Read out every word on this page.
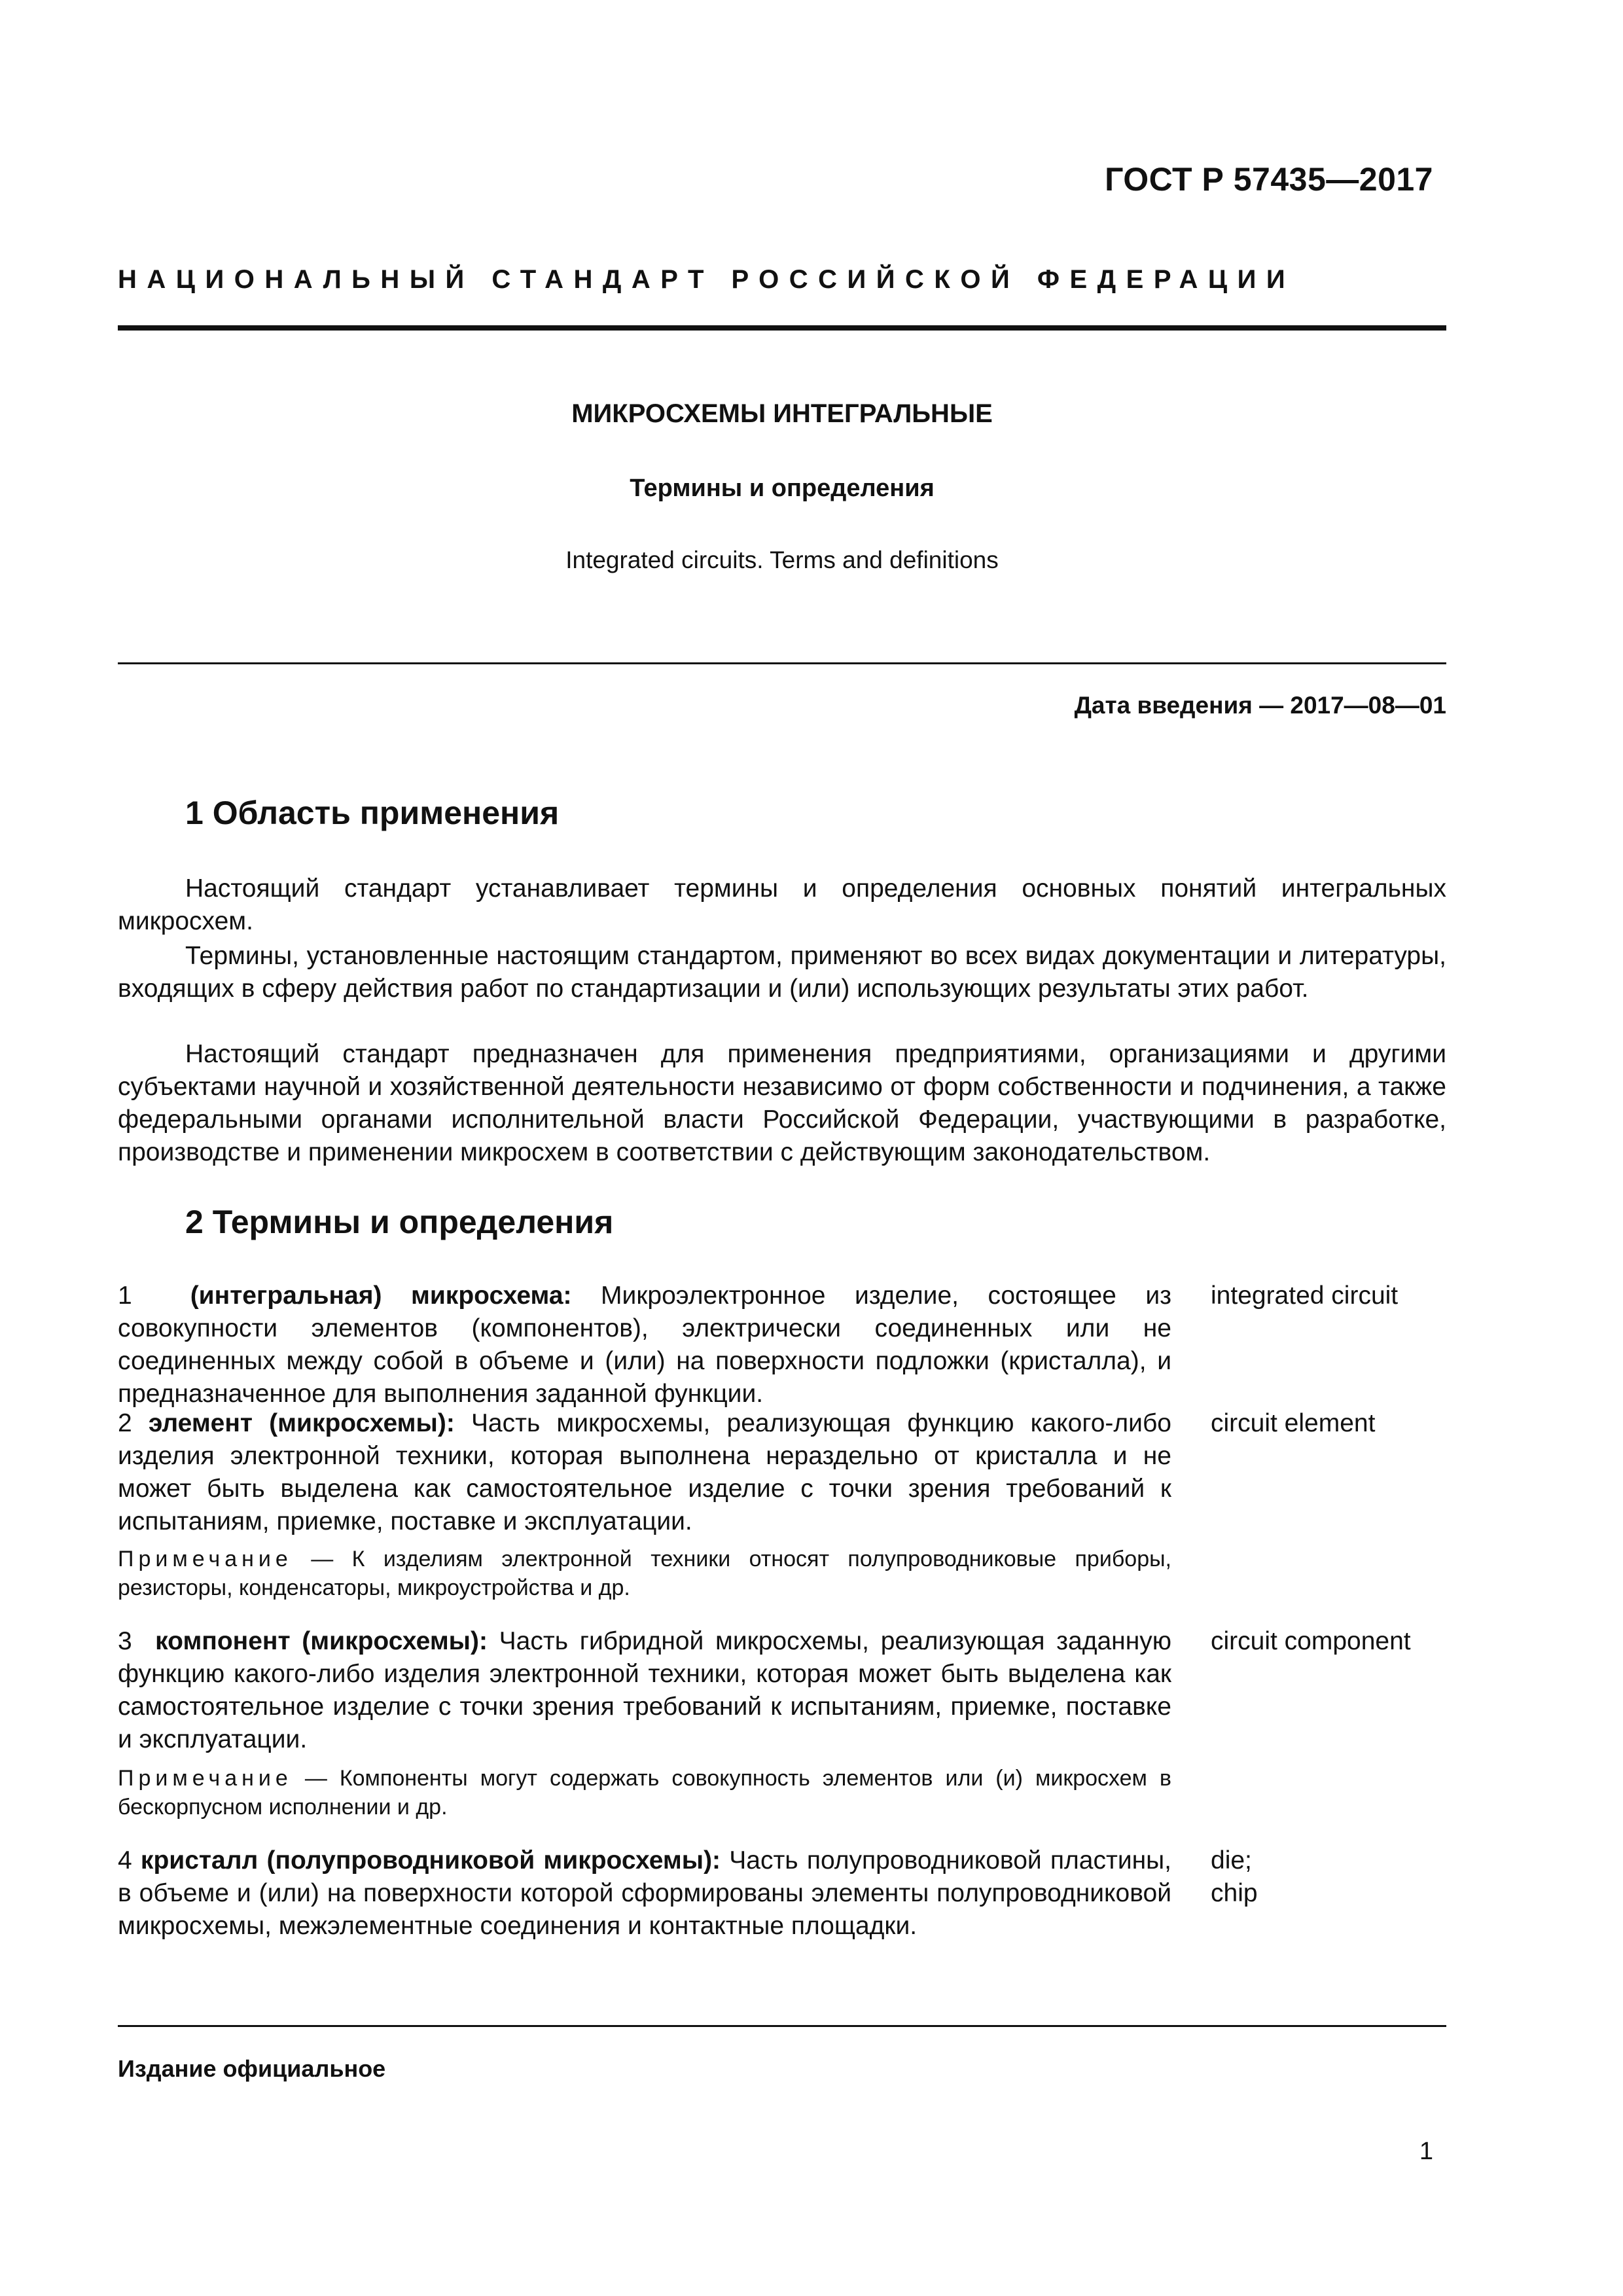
ГОСТ Р 57435—2017
НАЦИОНАЛЬНЫЙ СТАНДАРТ РОССИЙСКОЙ ФЕДЕРАЦИИ
МИКРОСХЕМЫ ИНТЕГРАЛЬНЫЕ
Термины и определения
Integrated circuits. Terms and definitions
Дата введения — 2017—08—01
1 Область применения

Настоящий стандарт устанавливает термины и определения основных понятий интегральных микросхем.

Термины, установленные настоящим стандартом, применяют во всех видах документации и литературы, входящих в сферу действия работ по стандартизации и (или) использующих результаты этих работ.

Настоящий стандарт предназначен для применения предприятиями, организациями и другими субъектами научной и хозяйственной деятельности независимо от форм собственности и подчинения, а также федеральными органами исполнительной власти Российской Федерации, участвующими в разработке, производстве и применении микросхем в соответствии с действующим законодательством.

2 Термины и определения

1 (интегральная) микросхема: Микроэлектронное изделие, состоящее из совокупности элементов (компонентов), электрически соединенных или не соединенных между собой в объеме и (или) на поверхности подложки (кристалла), и предназначенное для выполнения заданной функции.

integrated circuit

2 элемент (микросхемы): Часть микросхемы, реализующая функцию какого-либо изделия электронной техники, которая выполнена нераздельно от кристалла и не может быть выделена как самостоятельное изделие с точки зрения требований к испытаниям, приемке, поставке и эксплуатации.

circuit element

Примечание — К изделиям электронной техники относят полупроводниковые приборы, резисторы, конденсаторы, микроустройства и др.

3 компонент (микросхемы): Часть гибридной микросхемы, реализующая заданную функцию какого-либо изделия электронной техники, которая может быть выделена как самостоятельное изделие с точки зрения требований к испытаниям, приемке, поставке и эксплуатации.

circuit component

Примечание — Компоненты могут содержать совокупность элементов или (и) микросхем в бескорпусном исполнении и др.

4 кристалл (полупроводниковой микросхемы): Часть полупроводниковой пластины, в объеме и (или) на поверхности которой сформированы элементы полупроводниковой микросхемы, межэлементные соединения и контактные площадки.

die;
chip
Издание официальное
1
